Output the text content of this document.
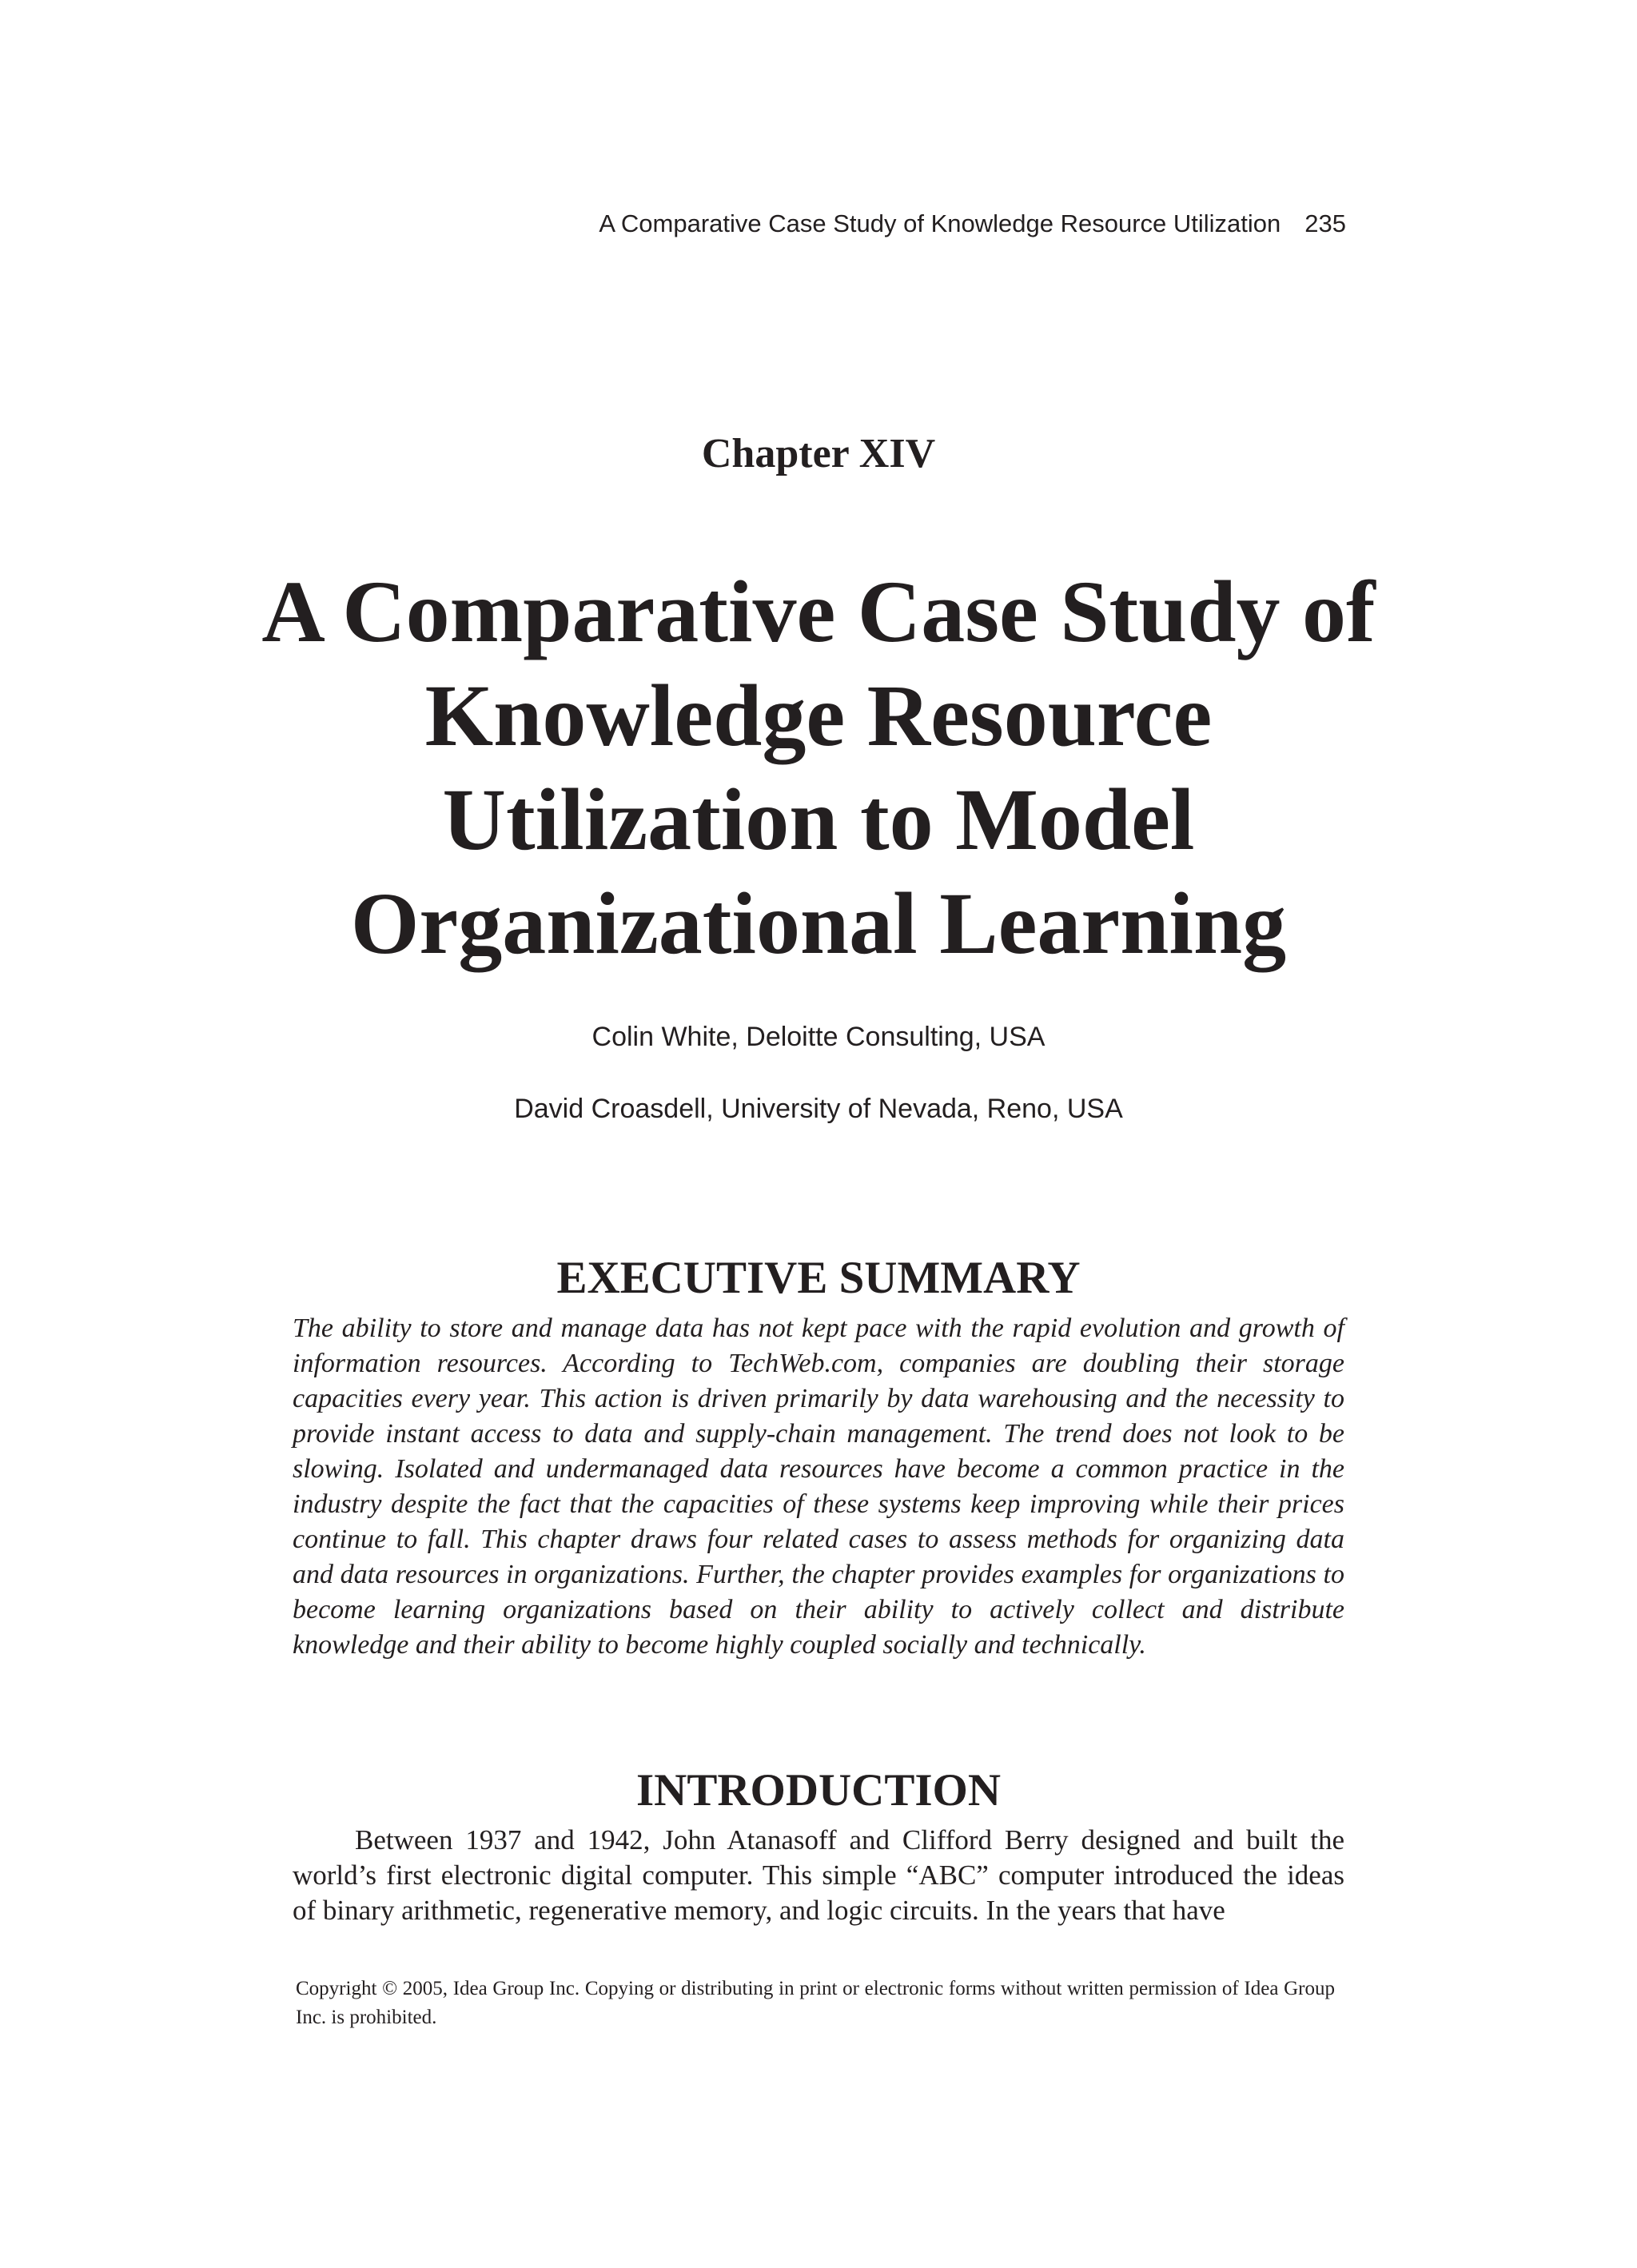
A Comparative Case Study of Knowledge Resource Utilization 235
Chapter XIV
A Comparative Case Study of
Knowledge Resource
Utilization to Model
Organizational Learning
Colin White, Deloitte Consulting, USA
David Croasdell, University of Nevada, Reno, USA
EXECUTIVE SUMMARY

The ability to store and manage data has not kept pace with the rapid evolution and growth of information resources. According to TechWeb.com, companies are doubling their storage capacities every year. This action is driven primarily by data warehousing and the necessity to provide instant access to data and supply-chain management. The trend does not look to be slowing. Isolated and undermanaged data resources have become a common practice in the industry despite the fact that the capacities of these systems keep improving while their prices continue to fall. This chapter draws four related cases to assess methods for organizing data and data resources in organizations. Further, the chapter provides examples for organizations to become learning organizations based on their ability to actively collect and distribute knowledge and their ability to become highly coupled socially and technically.

INTRODUCTION

Between 1937 and 1942, John Atanasoff and Clifford Berry designed and built the world’s first electronic digital computer. This simple “ABC” computer introduced the ideas of binary arithmetic, regenerative memory, and logic circuits. In the years that have

Copyright © 2005, Idea Group Inc. Copying or distributing in print or electronic forms without written permission of Idea Group Inc. is prohibited.
